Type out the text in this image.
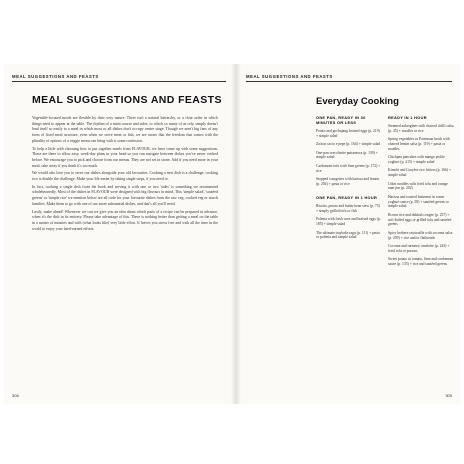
MEAL SUGGESTIONS AND FEASTS
MEAL SUGGESTIONS AND FEASTS

Vegetable-focused meals are flexible by their very nature. There isn't a natural hierarchy, or a clear order in which things need to appear at the table. The rhythm of a main course and sides, to which so many of us rely, simply doesn't lend itself so easily to a meal in which most or all dishes don't occupy centre stage. Though we aren't big fans of any form of fixed meal structure, even when we serve meat or fish, we are aware that the freedom that comes with the plurality of options of a veggie menu can bring with it some confusion.

To help a little with choosing how to put together meals from FLAVOUR, we have come up with some suggestions. These are there to allow easy, week-day plans in your head so you can navigate between dishes you've never cooked before. We encourage you to pick and choose from our menus. They are not set in stone. Add if you need more in your meal, take away if you think it's too much.

We would also love you to serve our dishes alongside your old favourites. Cooking a new dish is a challenge, cooking two is double the challenge. Make your life easier by taking single steps, if you need to.

In fact, cooking a single dish from the book and serving it with one or two 'sides' is something we recommend wholeheartedly. Most of the dishes in FLAVOUR were designed with big flavours in mind. This 'simple salad', 'sautéed greens' or 'simple rice' we mention below are all code for your favourite dishes from the raw veg, cooked veg or starch families. Make them to go with one of our more substantial dishes, and that's all you'll need.

Lastly, make ahead! Whenever we can we give you an idea about which parts of a recipe can be prepared in advance, when it's the dish in its entirety. Please take advantage of this. There is nothing better than getting a meal on the table in a matter of minutes and with (what looks like) very little effort. It leaves you stress free and with all the time in the world to enjoy your hard-earned efforts.

308
MEAL SUGGESTIONS AND FEASTS
Everyday Cooking
ONE PAN, READY IN 30 MINUTES OR LESS
Potato and gochujang braised eggs (p. 219) + simple salad
Za'atar cacio e pepe (p. 164) + simple salad
One-pan orecchiette puttanesca (p. 139) + simple salad
Cardamom tofu with lime greens (p. 172) + rice
Stopped courgettes with harissa and lemon (p. 204) + pasta or rice
ONE PAN, READY IN 1 HOUR
Risotto, potato and butter bean stew (p. 75) + simply grilled tofu or fish
Polenta with fresh corn and braised eggs (p. 185) + simple salad
The ultimate traybake ragu (p. 111) + pasta or polenta and simple salad
READY IN 1 HOUR
Steamed aubergines with charred chilli salsa (p. 45) + noodles or rice
Spring vegetables in Parmesan broth with charred lemon salsa (p. 119) + pasta or noodles
Chickpea pancakes with mango pickle yoghurt (p. 215) + simple salad
Kimchi and Gruyère rice fritters (p. 166) + simple salad
Udon noodles with fried tofu and orange nam jim (p. 202)
Harissa and roasted butternut in warm yoghurt sauce (p. 58) + sautéed greens or simple salad
Brown rice and dukkah congee (p. 237) + soft-boiled eggs or grilled tofu and sautéed greens
Spicy berbere ratatouille with coconut salsa (p. 209) + rice and/or flatbreads
Coconut and turmeric omelette (p. 243) + fried tofu or prawns
Sweet potato in tomato, lime and cardamom sauce (p. 135) + rice and sautéed greens
309
